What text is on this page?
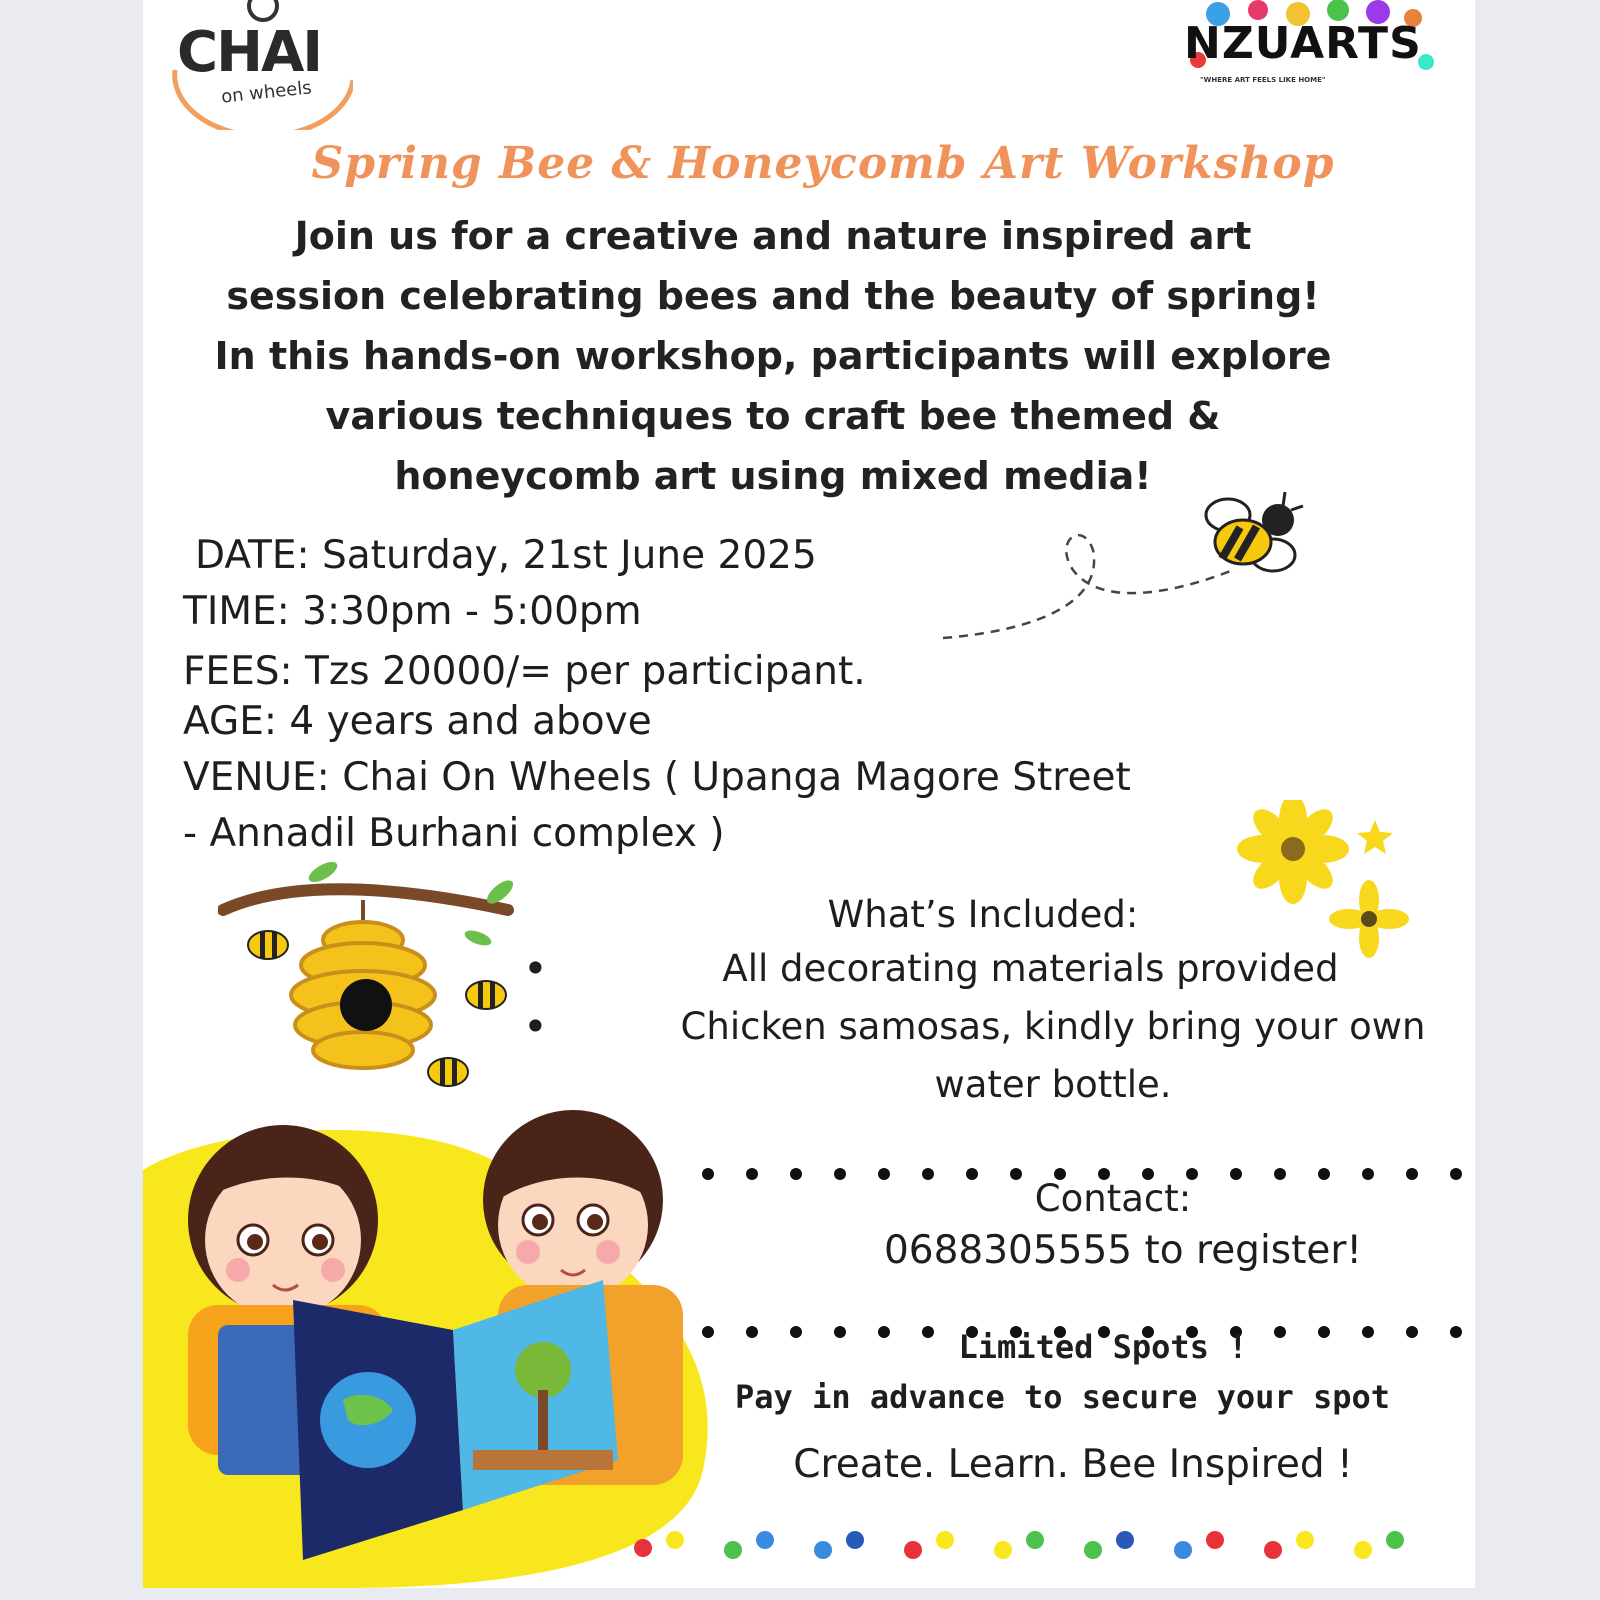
CHAI
on wheels
NZUARTS
"WHERE ART FEELS LIKE HOME"
Spring Bee & Honeycomb Art Workshop
Join us for a creative and nature inspired art
session celebrating bees and the beauty of spring!
In this hands-on workshop, participants will explore
various techniques to craft bee themed &
honeycomb art using mixed media!
DATE: Saturday, 21st June 2025
TIME: 3:30pm - 5:00pm
FEES: Tzs 20000/= per participant.
AGE: 4 years and above
VENUE: Chai On Wheels ( Upanga Magore Street
- Annadil Burhani complex )
What’s Included:
•	All decorating materials provided
•	Chicken samosas, kindly bring your own water bottle.
Contact:
0688305555 to register!
Limited Spots !
Pay in advance to secure your spot
Create. Learn. Bee Inspired !
